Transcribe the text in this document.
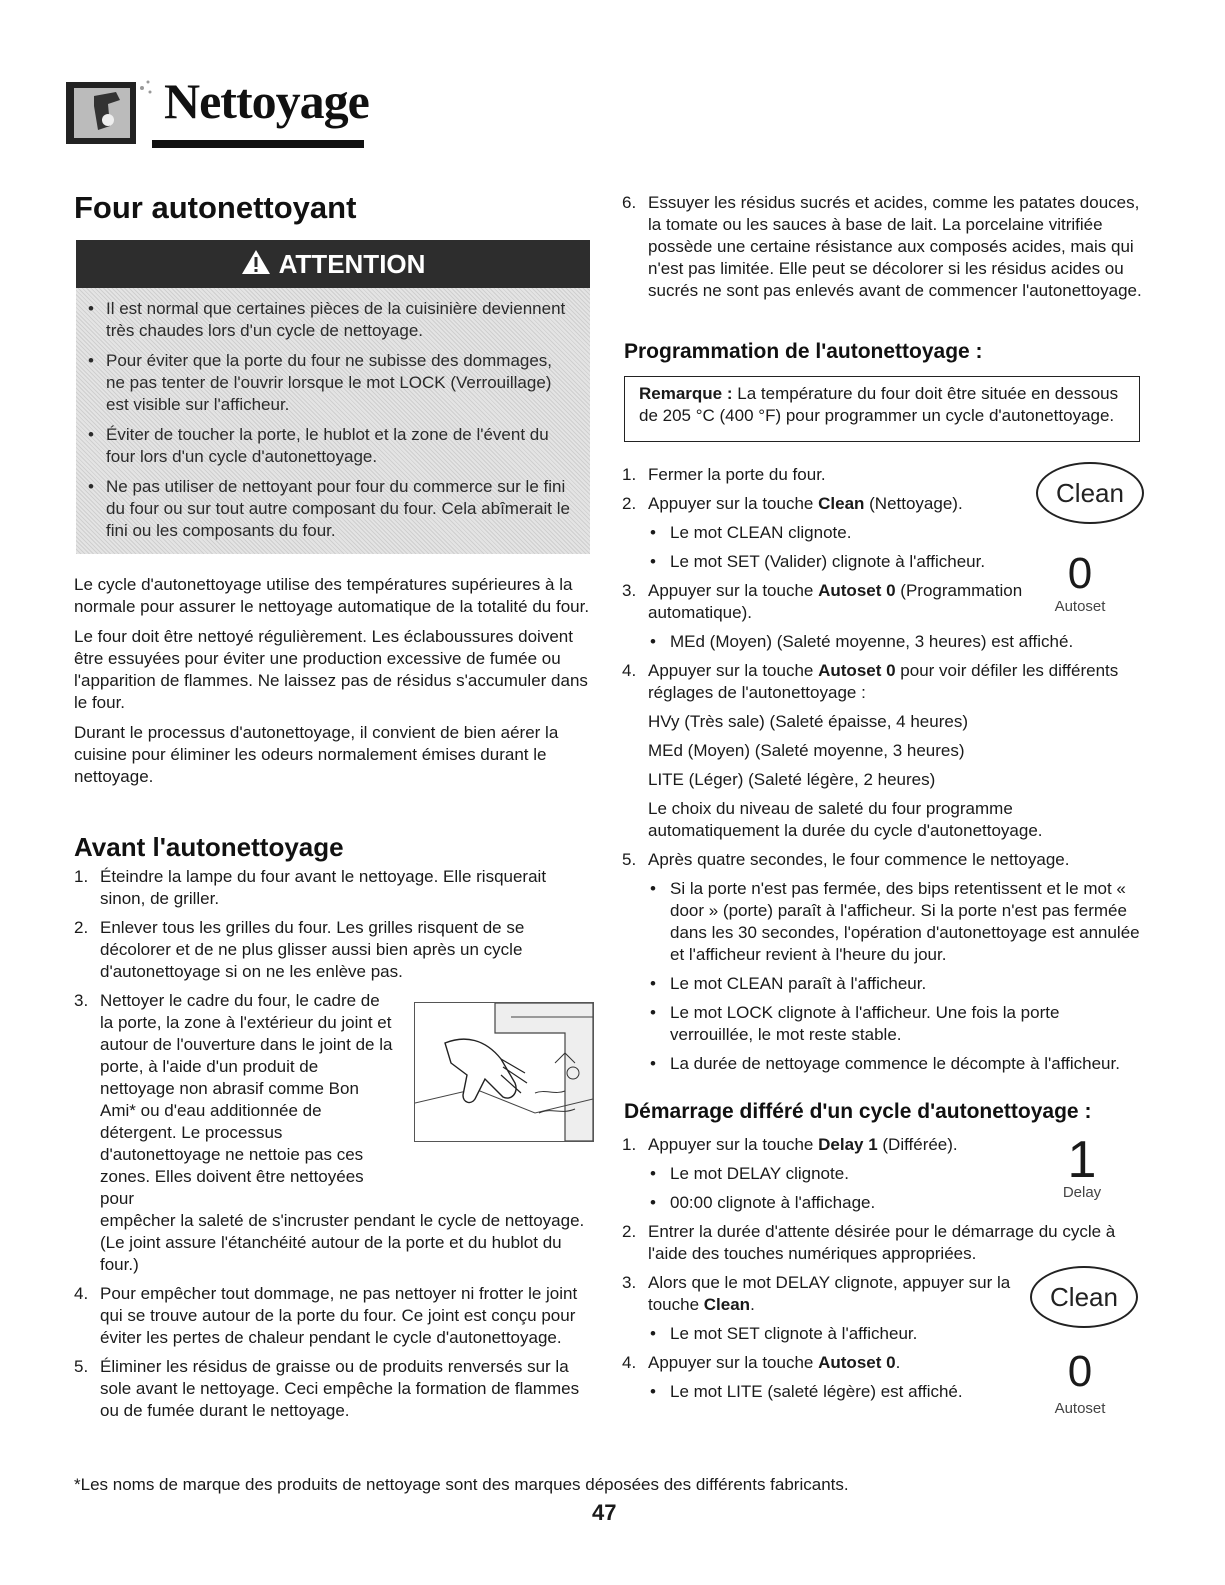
Nettoyage
Four autonettoyant
ATTENTION
• Il est normal que certaines pièces de la cuisinière deviennent très chaudes lors d'un cycle de nettoyage.
• Pour éviter que la porte du four ne subisse des dommages, ne pas tenter de l'ouvrir lorsque le mot LOCK (Verrouillage) est visible sur l'afficheur.
• Éviter de toucher la porte, le hublot et la zone de l'évent du four lors d'un cycle d'autonettoyage.
• Ne pas utiliser de nettoyant pour four du commerce sur le fini du four ou sur tout autre composant du four. Cela abîmerait le fini ou les composants du four.

Le cycle d'autonettoyage utilise des températures supérieures à la normale pour assurer le nettoyage automatique de la totalité du four.

Le four doit être nettoyé régulièrement. Les éclaboussures doivent être essuyées pour éviter une production excessive de fumée ou l'apparition de flammes. Ne laissez pas de résidus s'accumuler dans le four.

Durant le processus d'autonettoyage, il convient de bien aérer la cuisine pour éliminer les odeurs normalement émises durant le nettoyage.

Avant l'autonettoyage
1. Éteindre la lampe du four avant le nettoyage. Elle risquerait sinon, de griller.
2. Enlever tous les grilles du four. Les grilles risquent de se décolorer et de ne plus glisser aussi bien après un cycle d'autonettoyage si on ne les enlève pas.
3. Nettoyer le cadre du four, le cadre de la porte, la zone à l'extérieur du joint et autour de l'ouverture dans le joint de la porte, à l'aide d'un produit de nettoyage non abrasif comme Bon Ami* ou d'eau additionnée de détergent. Le processus d'autonettoyage ne nettoie pas ces zones. Elles doivent être nettoyées pour
empêcher la saleté de s'incruster pendant le cycle de nettoyage. (Le joint assure l'étanchéité autour de la porte et du hublot du four.)
4. Pour empêcher tout dommage, ne pas nettoyer ni frotter le joint qui se trouve autour de la porte du four. Ce joint est conçu pour éviter les pertes de chaleur pendant le cycle d'autonettoyage.
5. Éliminer les résidus de graisse ou de produits renversés sur la sole avant le nettoyage. Ceci empêche la formation de flammes ou de fumée durant le nettoyage.
6. Essuyer les résidus sucrés et acides, comme les patates douces, la tomate ou les sauces à base de lait. La porcelaine vitrifiée possède une certaine résistance aux composés acides, mais qui n'est pas limitée. Elle peut se décolorer si les résidus acides ou sucrés ne sont pas enlevés avant de commencer l'autonettoyage.
Programmation de l'autonettoyage :

Remarque : La température du four doit être située en dessous de 205 °C (400 °F) pour programmer un cycle d'autonettoyage.

1. Fermer la porte du four.
2. Appuyer sur la touche Clean (Nettoyage).
• Le mot CLEAN clignote.
• Le mot SET (Valider) clignote à l'afficheur.
3. Appuyer sur la touche Autoset 0 (Programmation automatique).
• MEd (Moyen) (Saleté moyenne, 3 heures) est affiché.
4. Appuyer sur la touche Autoset 0 pour voir défiler les différents réglages de l'autonettoyage :
HVy (Très sale) (Saleté épaisse, 4 heures)
MEd (Moyen) (Saleté moyenne, 3 heures)
LITE (Léger) (Saleté légère, 2 heures)
Le choix du niveau de saleté du four programme automatiquement la durée du cycle d'autonettoyage.
5. Après quatre secondes, le four commence le nettoyage.
• Si la porte n'est pas fermée, des bips retentissent et le mot « door » (porte) paraît à l'afficheur. Si la porte n'est pas fermée dans les 30 secondes, l'opération d'autonettoyage est annulée et l'afficheur revient à l'heure du jour.
• Le mot CLEAN paraît à l'afficheur.
• Le mot LOCK clignote à l'afficheur. Une fois la porte verrouillée, le mot reste stable.
• La durée de nettoyage commence le décompte à l'afficheur.
Clean
0
Autoset
Démarrage différé d'un cycle d'autonettoyage :
1. Appuyer sur la touche Delay 1 (Différée).
• Le mot DELAY clignote.
• 00:00 clignote à l'affichage.
2. Entrer la durée d'attente désirée pour le démarrage du cycle à l'aide des touches numériques appropriées.
3. Alors que le mot DELAY clignote, appuyer sur la touche Clean.
• Le mot SET clignote à l'afficheur.
4. Appuyer sur la touche Autoset 0.
• Le mot LITE (saleté légère) est affiché.
1
Delay
Clean
0
Autoset
*Les noms de marque des produits de nettoyage sont des marques déposées des différents fabricants.
47
